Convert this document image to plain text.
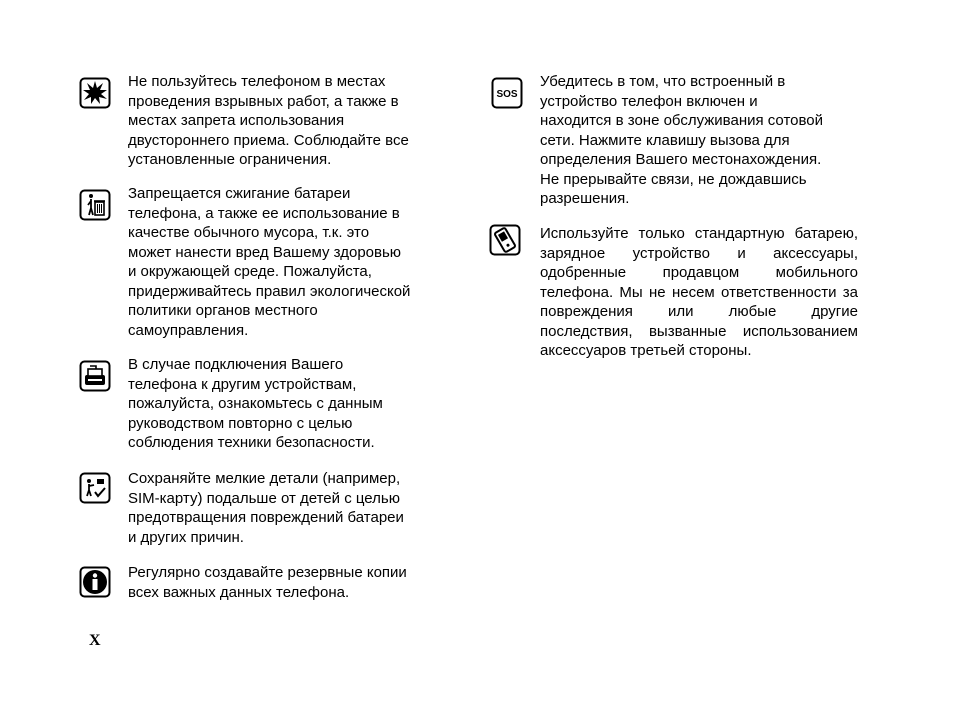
Не пользуйтесь телефоном в местах
проведения взрывных работ, а также в
местах запрета использования
двустороннего приема. Соблюдайте все
установленные ограничения.

Запрещается сжигание батареи
телефона, а также ее использование в
качестве обычного мусора, т.к. это
может нанести вред Вашему здоровью
и окружающей среде. Пожалуйста,
придерживайтесь правил экологической
политики органов местного
самоуправления.

В случае подключения Вашего
телефона к другим устройствам,
пожалуйста, ознакомьтесь с данным
руководством повторно с целью
соблюдения техники безопасности.

Сохраняйте мелкие детали (например,
SIM-карту) подальше от детей с целью
предотвращения повреждений батареи
и других причин.

Регулярно создавайте резервные копии
всех важных данных телефона.

SOS

Убедитесь в том, что встроенный в
устройство телефон включен и
находится в зоне обслуживания сотовой
сети. Нажмите клавишу вызова для
определения Вашего местонахождения.
Не прерывайте связи, не дождавшись
разрешения.

Используйте только стандартную батарею, зарядное устройство и аксессуары, одобренные продавцом мобильного телефона. Мы не несем ответственности за повреждения или любые другие последствия, вызванные использованием аксессуаров третьей стороны.

X
